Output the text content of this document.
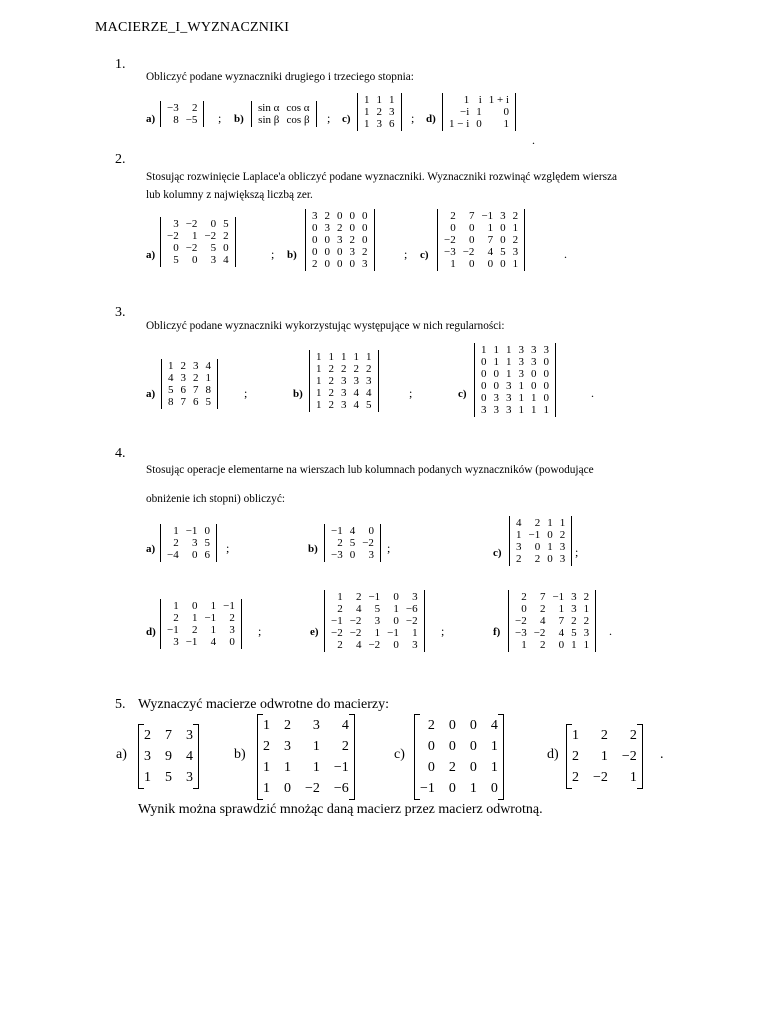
MACIERZE_I_WYZNACZNIKI
1.
Obliczyć podane wyznaczniki drugiego i trzeciego stopnia:
a)
−3	2
8 −5 ; b)
sin α cos α
sin β cos β ; c)
1 1 1
1 2 3
1 3 6 ; d)
1 i 1 + i
−i 1	0
1 − i 0	1
.
2.
Stosując rozwinięcie Laplace'a obliczyć podane wyznaczniki. Wyznaczniki rozwinąć względem wiersza
lub kolumny z największą liczbą zer.
a)
3 −2	0 5
−2	1 −2 2
0 −2	5 0
5	0	3 4	; b)
3 2 0 0 0
0 3 2 0 0
0 0 3 2 0
0 0 0 3 2
2 0 0 0 3
; c)
2	7 −1 3 2
0	0	1 0 1
−2	0	7 0 2
−3 −2	4 5 3
1	0	0 0 1
.
3.
Obliczyć podane wyznaczniki wykorzystując występujące w nich regularności:
a)
1 2 3 4
4 3 2 1
5 6 7 8
8 7 6 5
;	b)
1 1 1 1 1
1 2 2 2 2
1 2 3 3 3
1 2 3 4 4
1 2 3 4 5
;	c)
1 1 1 3 3 3
0 1 1 3 3 0
0 0 1 3 0 0
0 0 3 1 0 0
0 3 3 1 1 0
3 3 3 1 1 1
.
4.
Stosując operacje elementarne na wierszach lub kolumnach podanych wyznaczników (powodujące
obniżenie ich stopni) obliczyć:
a)
1 −1 0
2	3 5
−4	0 6 ;	b)
−1 4	0
2 5 −2
−3 0	3 ;	c)
4	2 1 1
1 −1 0 2
3	0 1 3
2	2 0 3 ;
d)
1	0	1 −1
2	1 −1	2
−1	2	1	3
3 −1	4	0
;	e)
1	2 −1	0	3
2	4	5	1 −6
−1 −2	3	0 −2
−2 −2	1 −1	1
2	4 −2	0	3
;	f)
2	7 −1 3 2
0	2	1 3 1
−2	4	7 2 2
−3 −2	4 5 3
1	2	0 1 1
.
5. Wyznaczyć macierze odwrotne do macierzy:
a)
2 7 3
3 9 4
1 5 3
b)
1 2	3	4
2 3	1	2
1 1	1 −1
1 0 −2 −6
c)
2 0 0 4
0 0 0 1
0 2 0 1
−1 0 1 0
d)
1	2	2
2	1 −2
2 −2	1
.
Wynik można sprawdzić mnożąc daną macierz przez macierz odwrotną.
